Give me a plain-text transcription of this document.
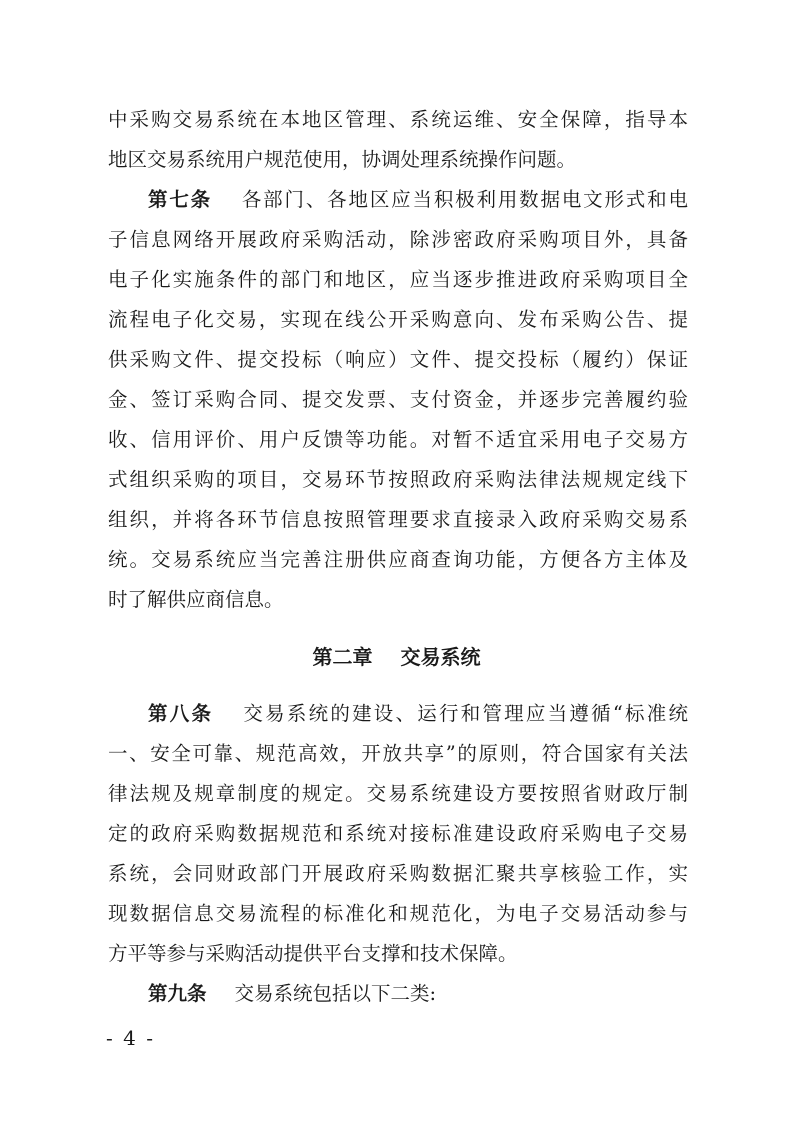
中采购交易系统在本地区管理、系统运维、安全保障，指导本
地区交易系统用户规范使用，协调处理系统操作问题。
第七条 各部门、各地区应当积极利用数据电文形式和电
子信息网络开展政府采购活动，除涉密政府采购项目外，具备
电子化实施条件的部门和地区，应当逐步推进政府采购项目全
流程电子化交易，实现在线公开采购意向、发布采购公告、提
供采购文件、提交投标（响应）文件、提交投标（履约）保证
金、签订采购合同、提交发票、支付资金，并逐步完善履约验
收、信用评价、用户反馈等功能。对暂不适宜采用电子交易方
式组织采购的项目，交易环节按照政府采购法律法规规定线下
组织，并将各环节信息按照管理要求直接录入政府采购交易系
统。交易系统应当完善注册供应商查询功能，方便各方主体及
时了解供应商信息。
第二章 交易系统
第八条 交易系统的建设、运行和管理应当遵循“标准统
一、安全可靠、规范高效，开放共享”的原则，符合国家有关法
律法规及规章制度的规定。交易系统建设方要按照省财政厅制
定的政府采购数据规范和系统对接标准建设政府采购电子交易
系统，会同财政部门开展政府采购数据汇聚共享核验工作，实
现数据信息交易流程的标准化和规范化，为电子交易活动参与
方平等参与采购活动提供平台支撑和技术保障。
第九条 交易系统包括以下二类:
- 4 -
